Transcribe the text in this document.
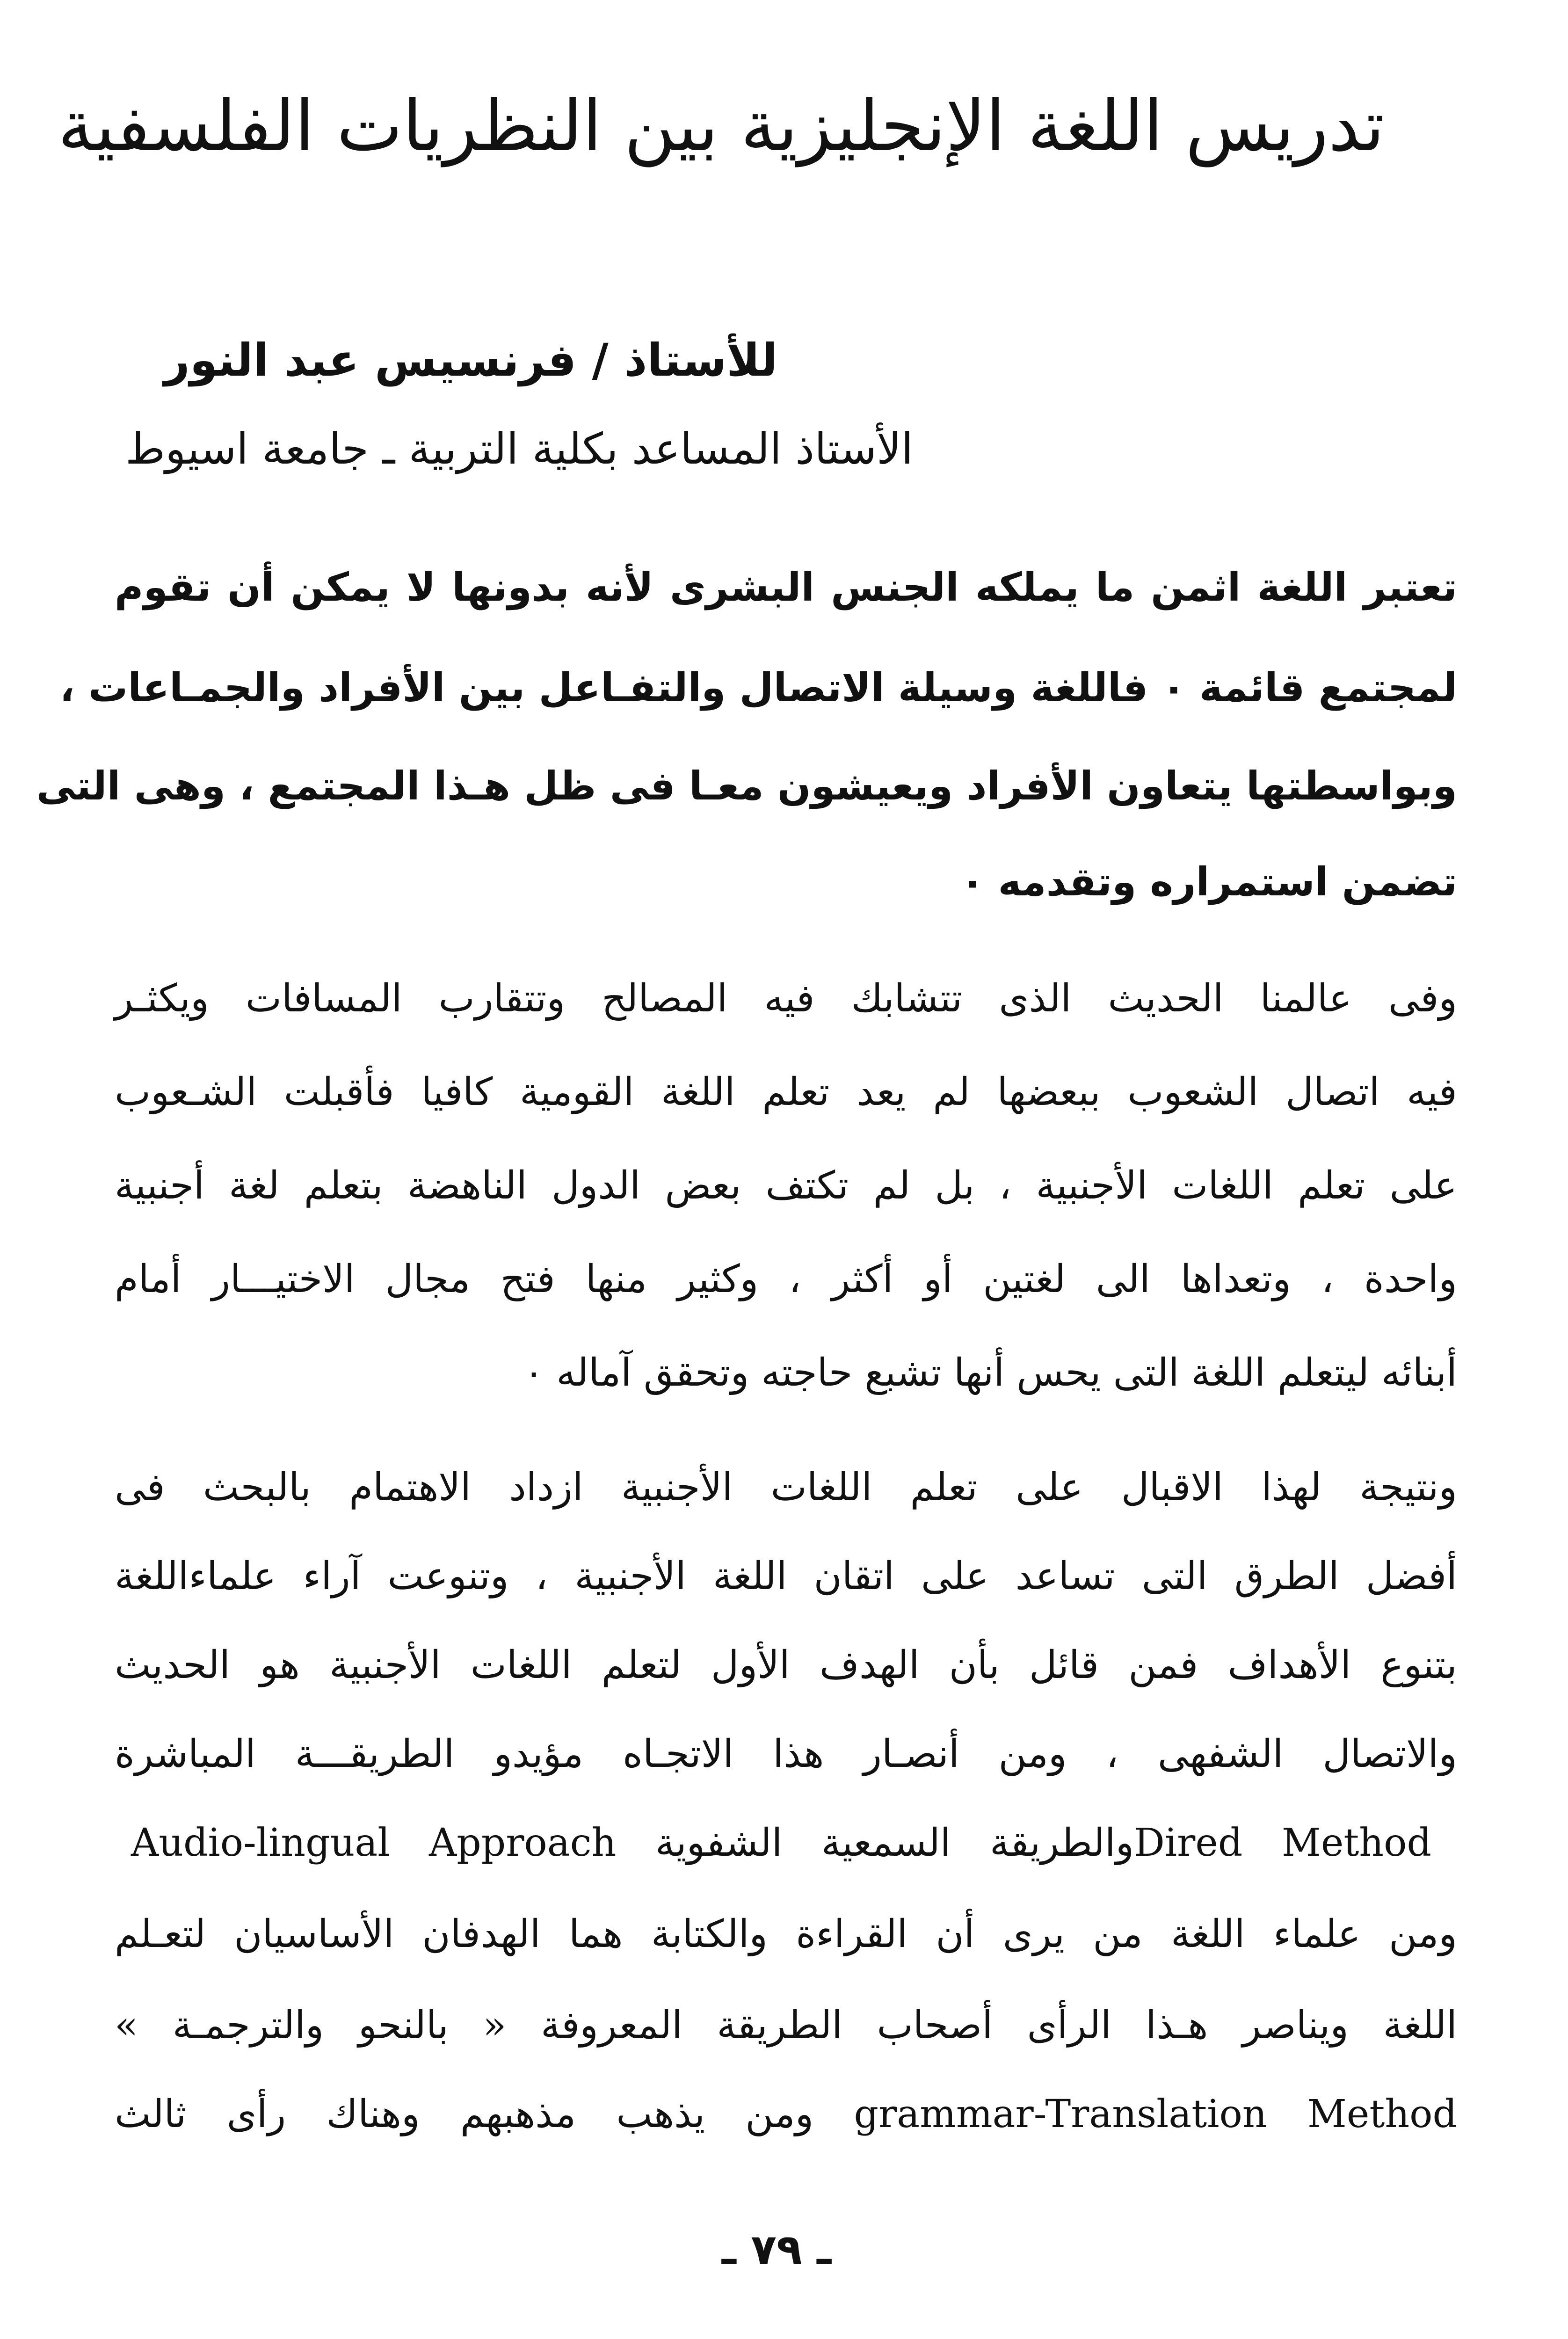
تدريس اللغة الإنجليزية بين النظريات الفلسفية
للأستاذ / فرنسيس عبد النور
الأستاذ المساعد بكلية التربية ـ جامعة اسيوط
تعتبر اللغة اثمن ما يملكه الجنس البشرى لأنه بدونها لا يمكن أن تقوم
لمجتمع قائمة ٠ فاللغة وسيلة الاتصال والتفـاعل بين الأفراد والجمـاعات ،
وبواسطتها يتعاون الأفراد ويعيشون معـا فى ظل هـذا المجتمع ، وهى التى
تضمن استمراره وتقدمه ٠
وفى عالمنا الحديث الذى تتشابك فيه المصالح وتتقارب المسافات ويكثـر
فيه اتصال الشعوب ببعضها لم يعد تعلم اللغة القومية كافيا فأقبلت الشـعوب
على تعلم اللغات الأجنبية ، بل لم تكتف بعض الدول الناهضة بتعلم لغة أجنبية
واحدة ، وتعداها الى لغتين أو أكثر ، وكثير منها فتح مجال الاختيـــار أمام
أبنائه ليتعلم اللغة التى يحس أنها تشبع حاجته وتحقق آماله ٠
ونتيجة لهذا الاقبال على تعلم اللغات الأجنبية ازداد الاهتمام بالبحث فى
أفضل الطرق التى تساعد على اتقان اللغة الأجنبية ، وتنوعت آراء علماءاللغة
بتنوع الأهداف فمن قائل بأن الهدف الأول لتعلم اللغات الأجنبية هو الحديث
والاتصال الشفهى ، ومن أنصـار هذا الاتجـاه مؤيدو الطريقـــة المباشرة
Dired Methodوالطريقة السمعية الشفوية Audio-lingual Approach
ومن علماء اللغة من يرى أن القراءة والكتابة هما الهدفان الأساسيان لتعـلم
اللغة ويناصر هـذا الرأى أصحاب الطريقة المعروفة « بالنحو والترجمـة »
grammar-Translation Method ومن يذهب مذهبهم وهناك رأى ثالث
ـ ٧٩ ـ
